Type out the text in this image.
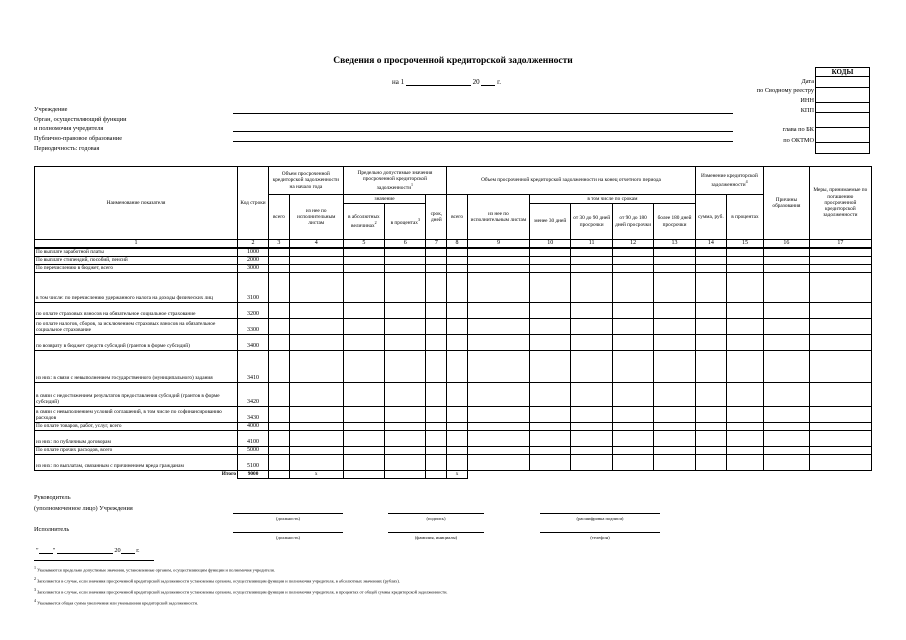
Сведения о просроченной кредиторской задолженности
на 1	20	г.
КОДЫ
Дата
по Сводному реестру
ИНН
КПП
глава по БК
по ОКТМО
Учреждение
Орган, осуществляющий функции
и полномочия учредителя
Публично-правовое образование
Периодичность: годовая
Наименование показателя	Код строки	Объем просроченной кредиторской задолженности на начало года		Предельно допустимые значения просроченной кредиторской задолженности$^1$			Объем просроченной кредиторской задолженности на конец отчетного периода						Изменение кредиторской задолженности$^4$		Причины образования	Меры, принимаемые по погашению просроченной кредиторской задолженности
		всего	из нее по исполнительным листам	значение		срок, дней	всего	из нее по исполнительным листам	в том числе по срокам				сумма, руб.	в процентах		
				в абсолютных величинах$^2$	в процентах$^3$				менее 30 дней	от 30 до 90 дней просрочки	от 90 до 180 дней просрочки	более 180 дней просрочки				
1	2	3	4	5	6	7	8	9	10	11	12	13	14	15	16	17
По выплате заработной платы	1000															
По выплате стипендий, пособий, пенсий	2000															
По перечислению в бюджет, всего	3000															
в том числе: по перечислению удержанного налога на доходы физических лиц	3100															
по оплате страховых взносов на обязательное социальное страхование	3200															
по оплате налогов, сборов, за исключением страховых взносов на обязательное социальное страхование	3300															
по возврату в бюджет средств субсидий (грантов в форме субсидий)	3400															
из них: в связи с невыполнением государственного (муниципального) задания	3410															
в связи с недостижением результатов предоставления субсидий (грантов в форме субсидий)	3420															
в связи с невыполнением условий соглашений, в том числе по софинансированию расходов	3430															
По оплате товаров, работ, услуг, всего	4000															
из них: по публичным договорам	4100															
По оплате прочих расходов, всего	5000															
из них: по выплатам, связанным с причинением вреда гражданам	5100															
Итого	9000		x				x									
Руководитель
(уполномоченное лицо) Учреждения
(должность)	(подпись)	(расшифровка подписи)
Исполнитель
(должность)	(фамилия, инициалы)	(телефон)
" "	20 г.
$^1$ Указываются предельно допустимые значения, установленные органом, осуществляющим функции и полномочия учредителя.
$^2$ Заполняется в случае, если значения просроченной кредиторской задолженности установлены органом, осуществляющим функции и полномочия учредителя, в абсолютных значениях (рублях).
$^3$ Заполняется в случае, если значения просроченной кредиторской задолженности установлены органом, осуществляющим функции и полномочия учредителя, в процентах от общей суммы кредиторской задолженности.
$^4$ Указывается общая сумма увеличения или уменьшения кредиторской задолженности.
